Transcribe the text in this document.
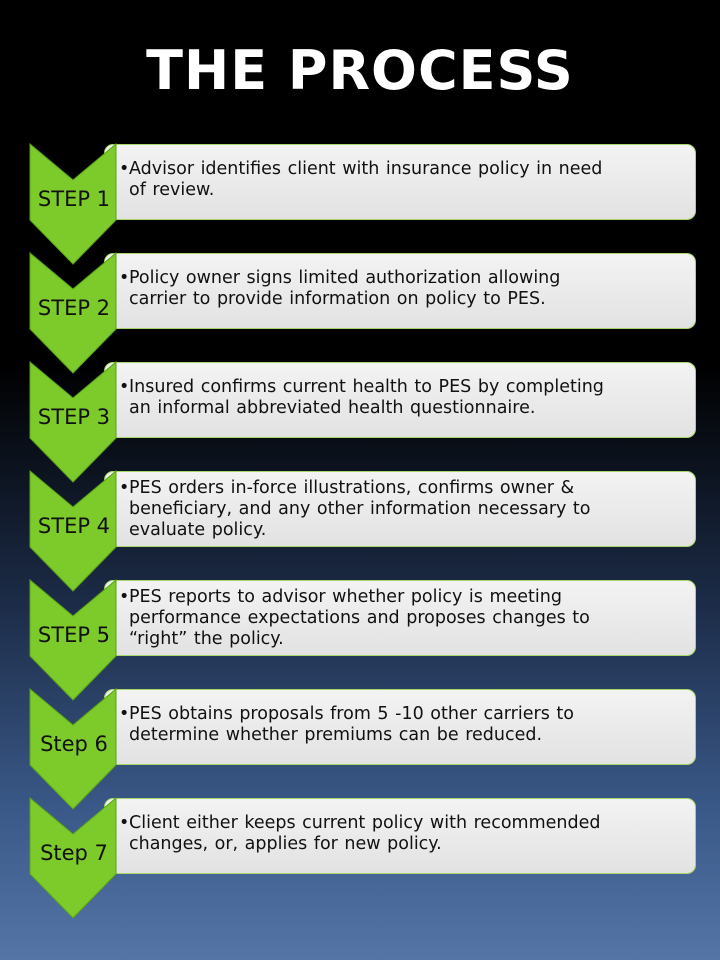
THE PROCESS
• Advisor identifies client with insurance policy in need
of review.
STEP 1
• Policy owner signs limited authorization allowing
carrier to provide information on policy to PES.
STEP 2
• Insured confirms current health to PES by completing
an informal abbreviated health questionnaire.
STEP 3
• PES orders in-force illustrations, confirms owner &
beneficiary, and any other information necessary to
evaluate policy.
STEP 4
• PES reports to advisor whether policy is meeting
performance expectations and proposes changes to
“right” the policy.
STEP 5
• PES obtains proposals from 5 -10 other carriers to
determine whether premiums can be reduced.
Step 6
• Client either keeps current policy with recommended
changes, or, applies for new policy.
Step 7
